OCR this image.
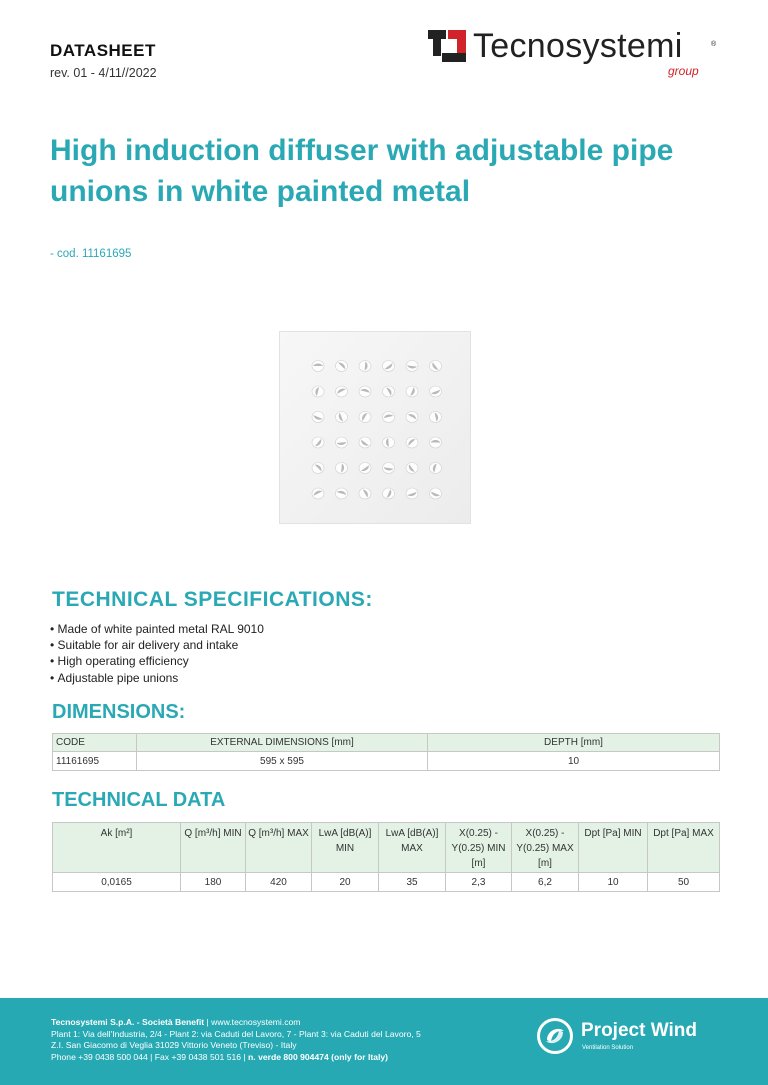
DATASHEET
rev. 01 - 4/11//2022
Tecnosystemi	®
group
High induction diffuser with adjustable pipe unions in white painted metal
- cod. 11161695
TECHNICAL SPECIFICATIONS:
• Made of white painted metal RAL 9010
• Suitable for air delivery and intake
• High operating efficiency
• Adjustable pipe unions
DIMENSIONS:
CODE	EXTERNAL DIMENSIONS [mm]	DEPTH [mm]
11161695	595 x 595	10
TECHNICAL DATA
Ak [m²]	Q [m³/h] MIN	Q [m³/h] MAX	LwA [dB(A)] MIN	LwA [dB(A)] MAX	X(0.25) - Y(0.25) MIN [m]	X(0.25) - Y(0.25) MAX [m]	Dpt [Pa] MIN	Dpt [Pa] MAX
0,0165	180	420	20	35	2,3	6,2	10	50
Tecnosystemi S.p.A. - Società Benefit | www.tecnosystemi.com
Plant 1: Via dell'Industria, 2/4 - Plant 2: via Caduti del Lavoro, 7 - Plant 3: via Caduti del Lavoro, 5
Z.I. San Giacomo di Veglia 31029 Vittorio Veneto (Treviso) - Italy
Phone +39 0438 500 044 | Fax +39 0438 501 516 | n. verde 800 904474 (only for Italy)
Project Wind
Ventilation Solution
